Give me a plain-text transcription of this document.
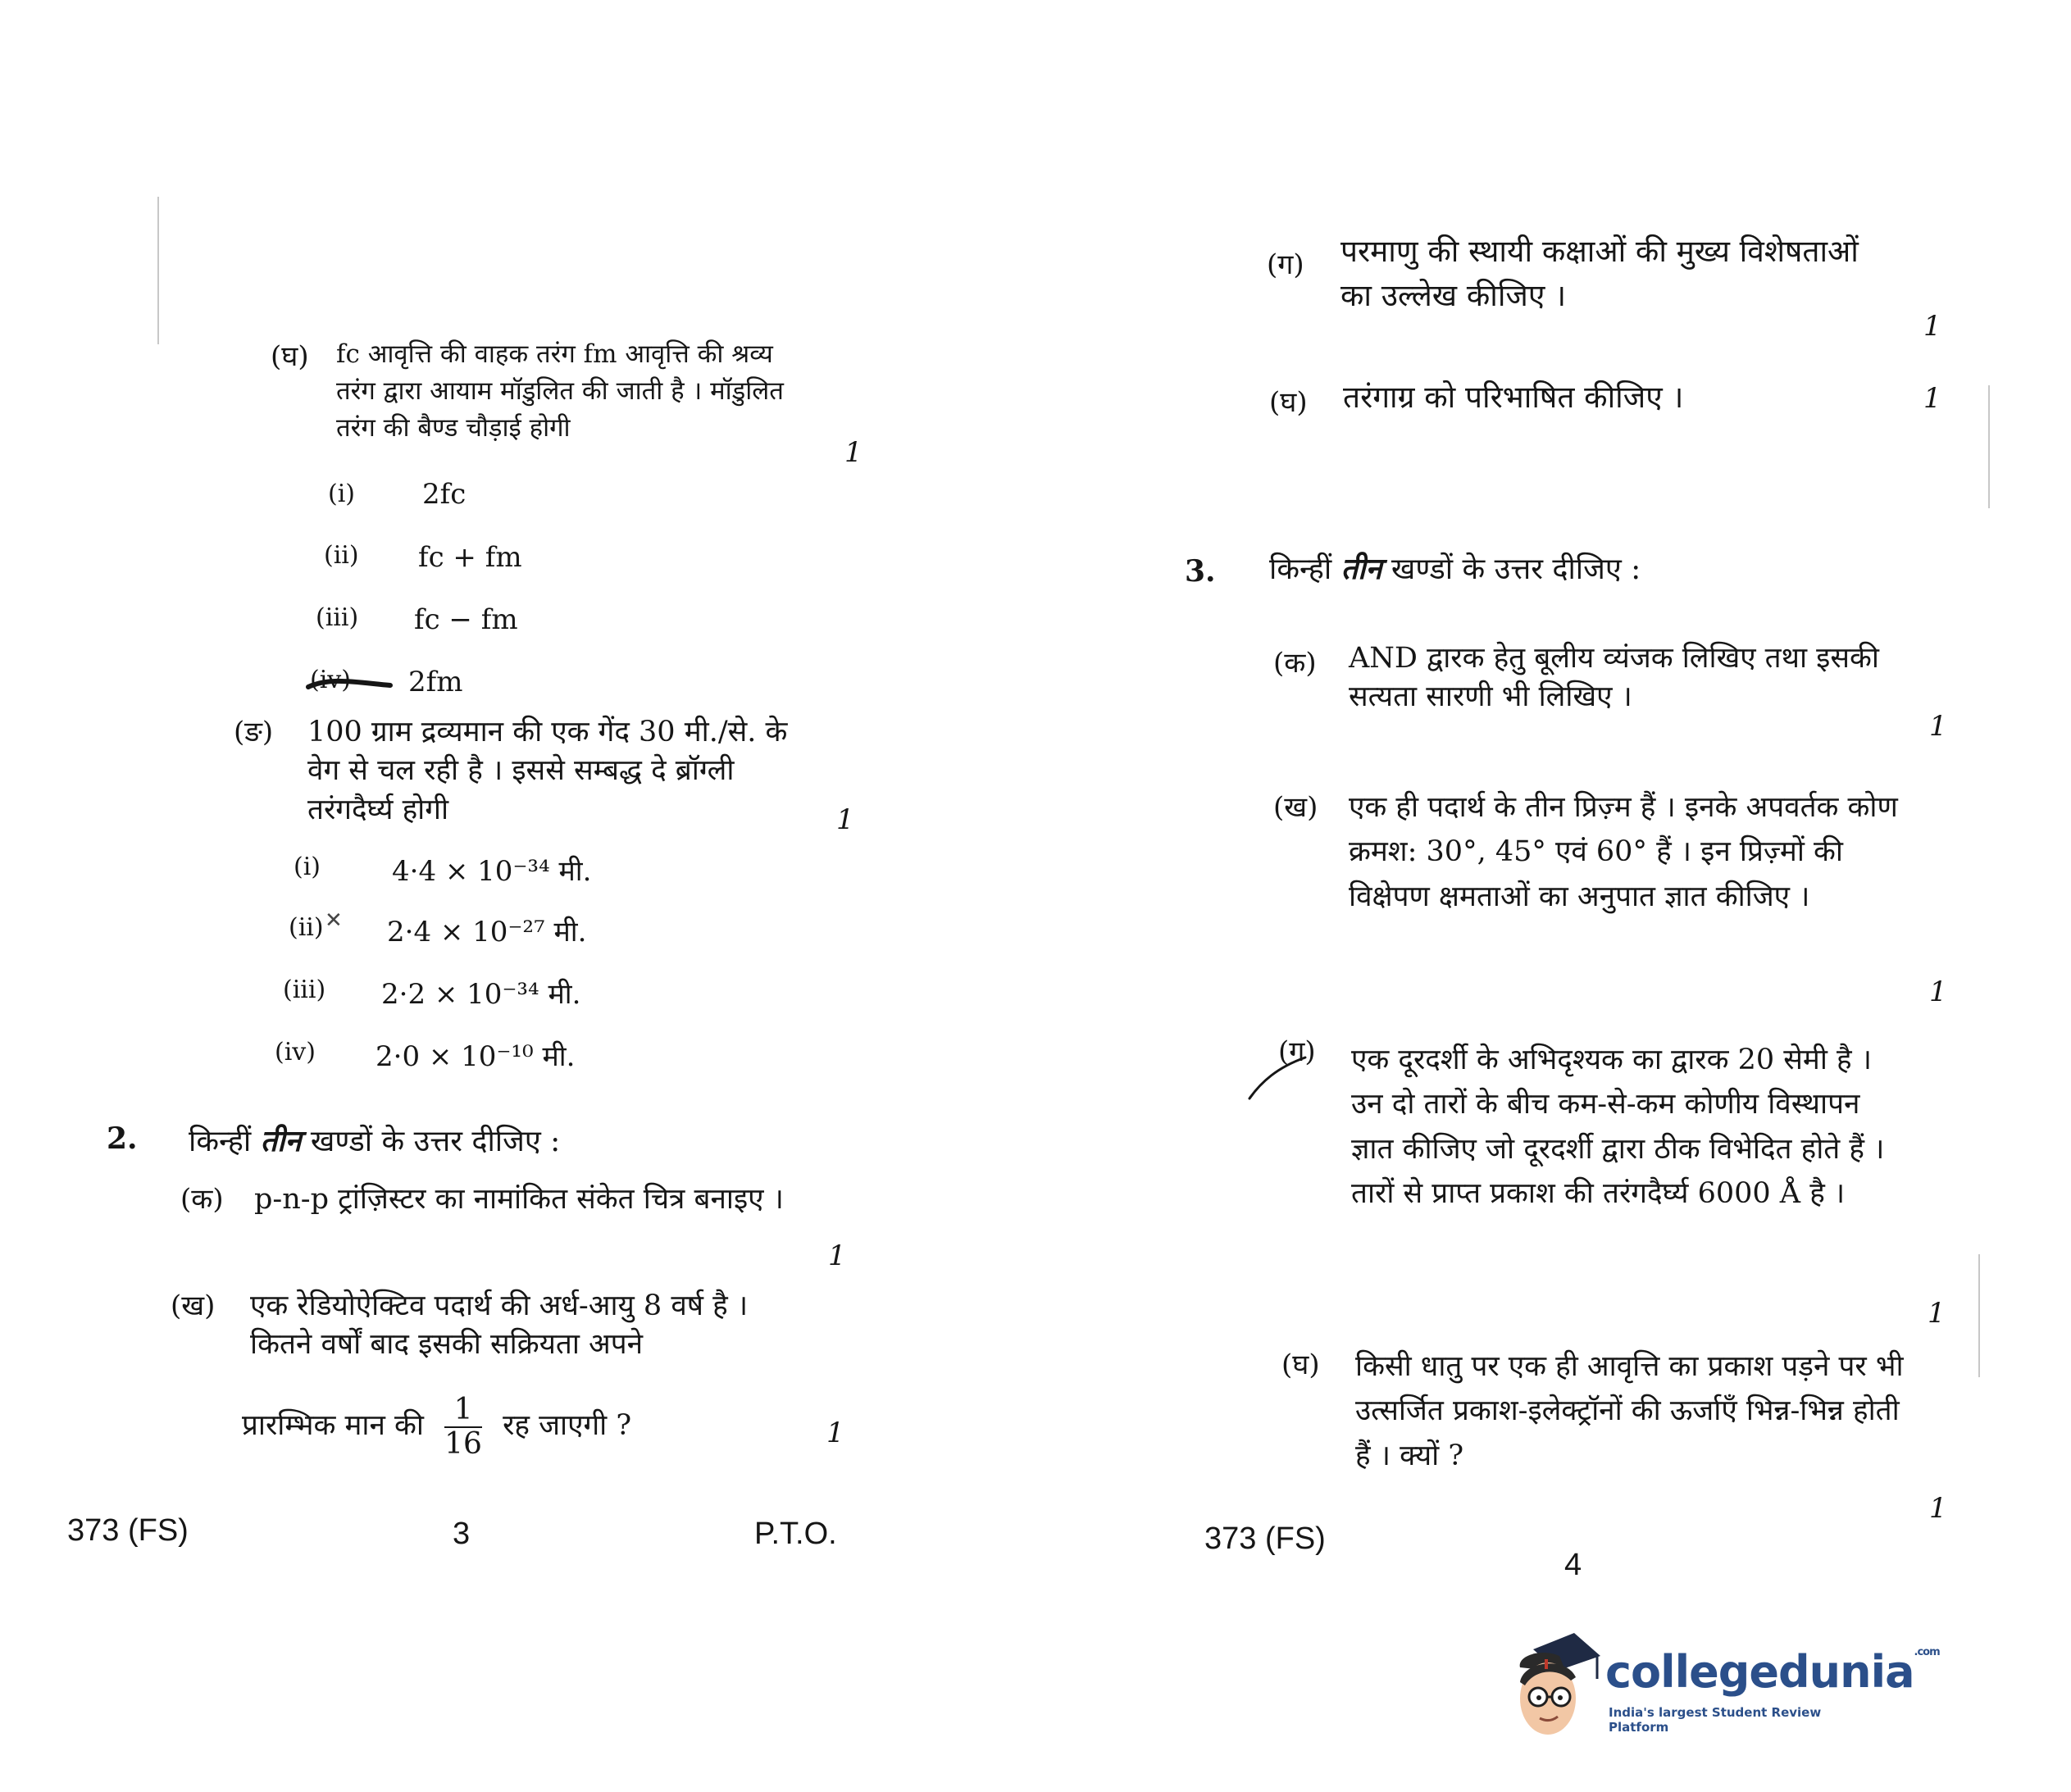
(घ) fc आवृत्ति की वाहक तरंग fm आवृत्ति की श्रव्य तरंग द्वारा आयाम मॉडुलित की जाती है । मॉडुलित तरंग की बैण्ड चौड़ाई होगी
1
(i) 2fc
(ii) fc + fm
(iii) fc − fm
(iv) 2fm
(ङ) 100 ग्राम द्रव्यमान की एक गेंद 30 मी./से. के वेग से चल रही है । इससे सम्बद्ध दे ब्रॉग्ली तरंगदैर्घ्य होगी	1
(i)	4·4 × 10⁻³⁴ मी.
(ii) ✕ 2·4 × 10⁻²⁷ मी.
(iii) 2·2 × 10⁻³⁴ मी.
(iv) 2·0 × 10⁻¹⁰ मी.
2. किन्हीं तीन खण्डों के उत्तर दीजिए :
(क) p-n-p ट्रांज़िस्टर का नामांकित संकेत चित्र बनाइए ।
1
(ख) एक रेडियोऐक्टिव पदार्थ की अर्ध-आयु 8 वर्ष है । कितने वर्षों बाद इसकी सक्रियता अपने
प्रारम्भिक मान की $\frac{1}{16}$ रह जाएगी ?	1
373 (FS)	3	P.T.O.
(ग) परमाणु की स्थायी कक्षाओं की मुख्य विशेषताओं का उल्लेख कीजिए ।
1
(घ) तरंगाग्र को परिभाषित कीजिए ।	1
3. किन्हीं तीन खण्डों के उत्तर दीजिए :
(क) AND द्वारक हेतु बूलीय व्यंजक लिखिए तथा इसकी सत्यता सारणी भी लिखिए ।
1
(ख) एक ही पदार्थ के तीन प्रिज़्म हैं । इनके अपवर्तक कोण क्रमश: 30°, 45° एवं 60° हैं । इन प्रिज़्मों की विक्षेपण क्षमताओं का अनुपात ज्ञात कीजिए ।
1
(ग) एक दूरदर्शी के अभिदृश्यक का द्वारक 20 सेमी है । उन दो तारों के बीच कम-से-कम कोणीय विस्थापन ज्ञात कीजिए जो दूरदर्शी द्वारा ठीक विभेदित होते हैं । तारों से प्राप्त प्रकाश की तरंगदैर्घ्य 6000 Å है ।
1
(घ) किसी धातु पर एक ही आवृत्ति का प्रकाश पड़ने पर भी उत्सर्जित प्रकाश-इलेक्ट्रॉनों की ऊर्जाएँ भिन्न-भिन्न होती हैं । क्यों ?
1
373 (FS)
4
collegedunia$^{.com}$
India's largest Student Review Platform
